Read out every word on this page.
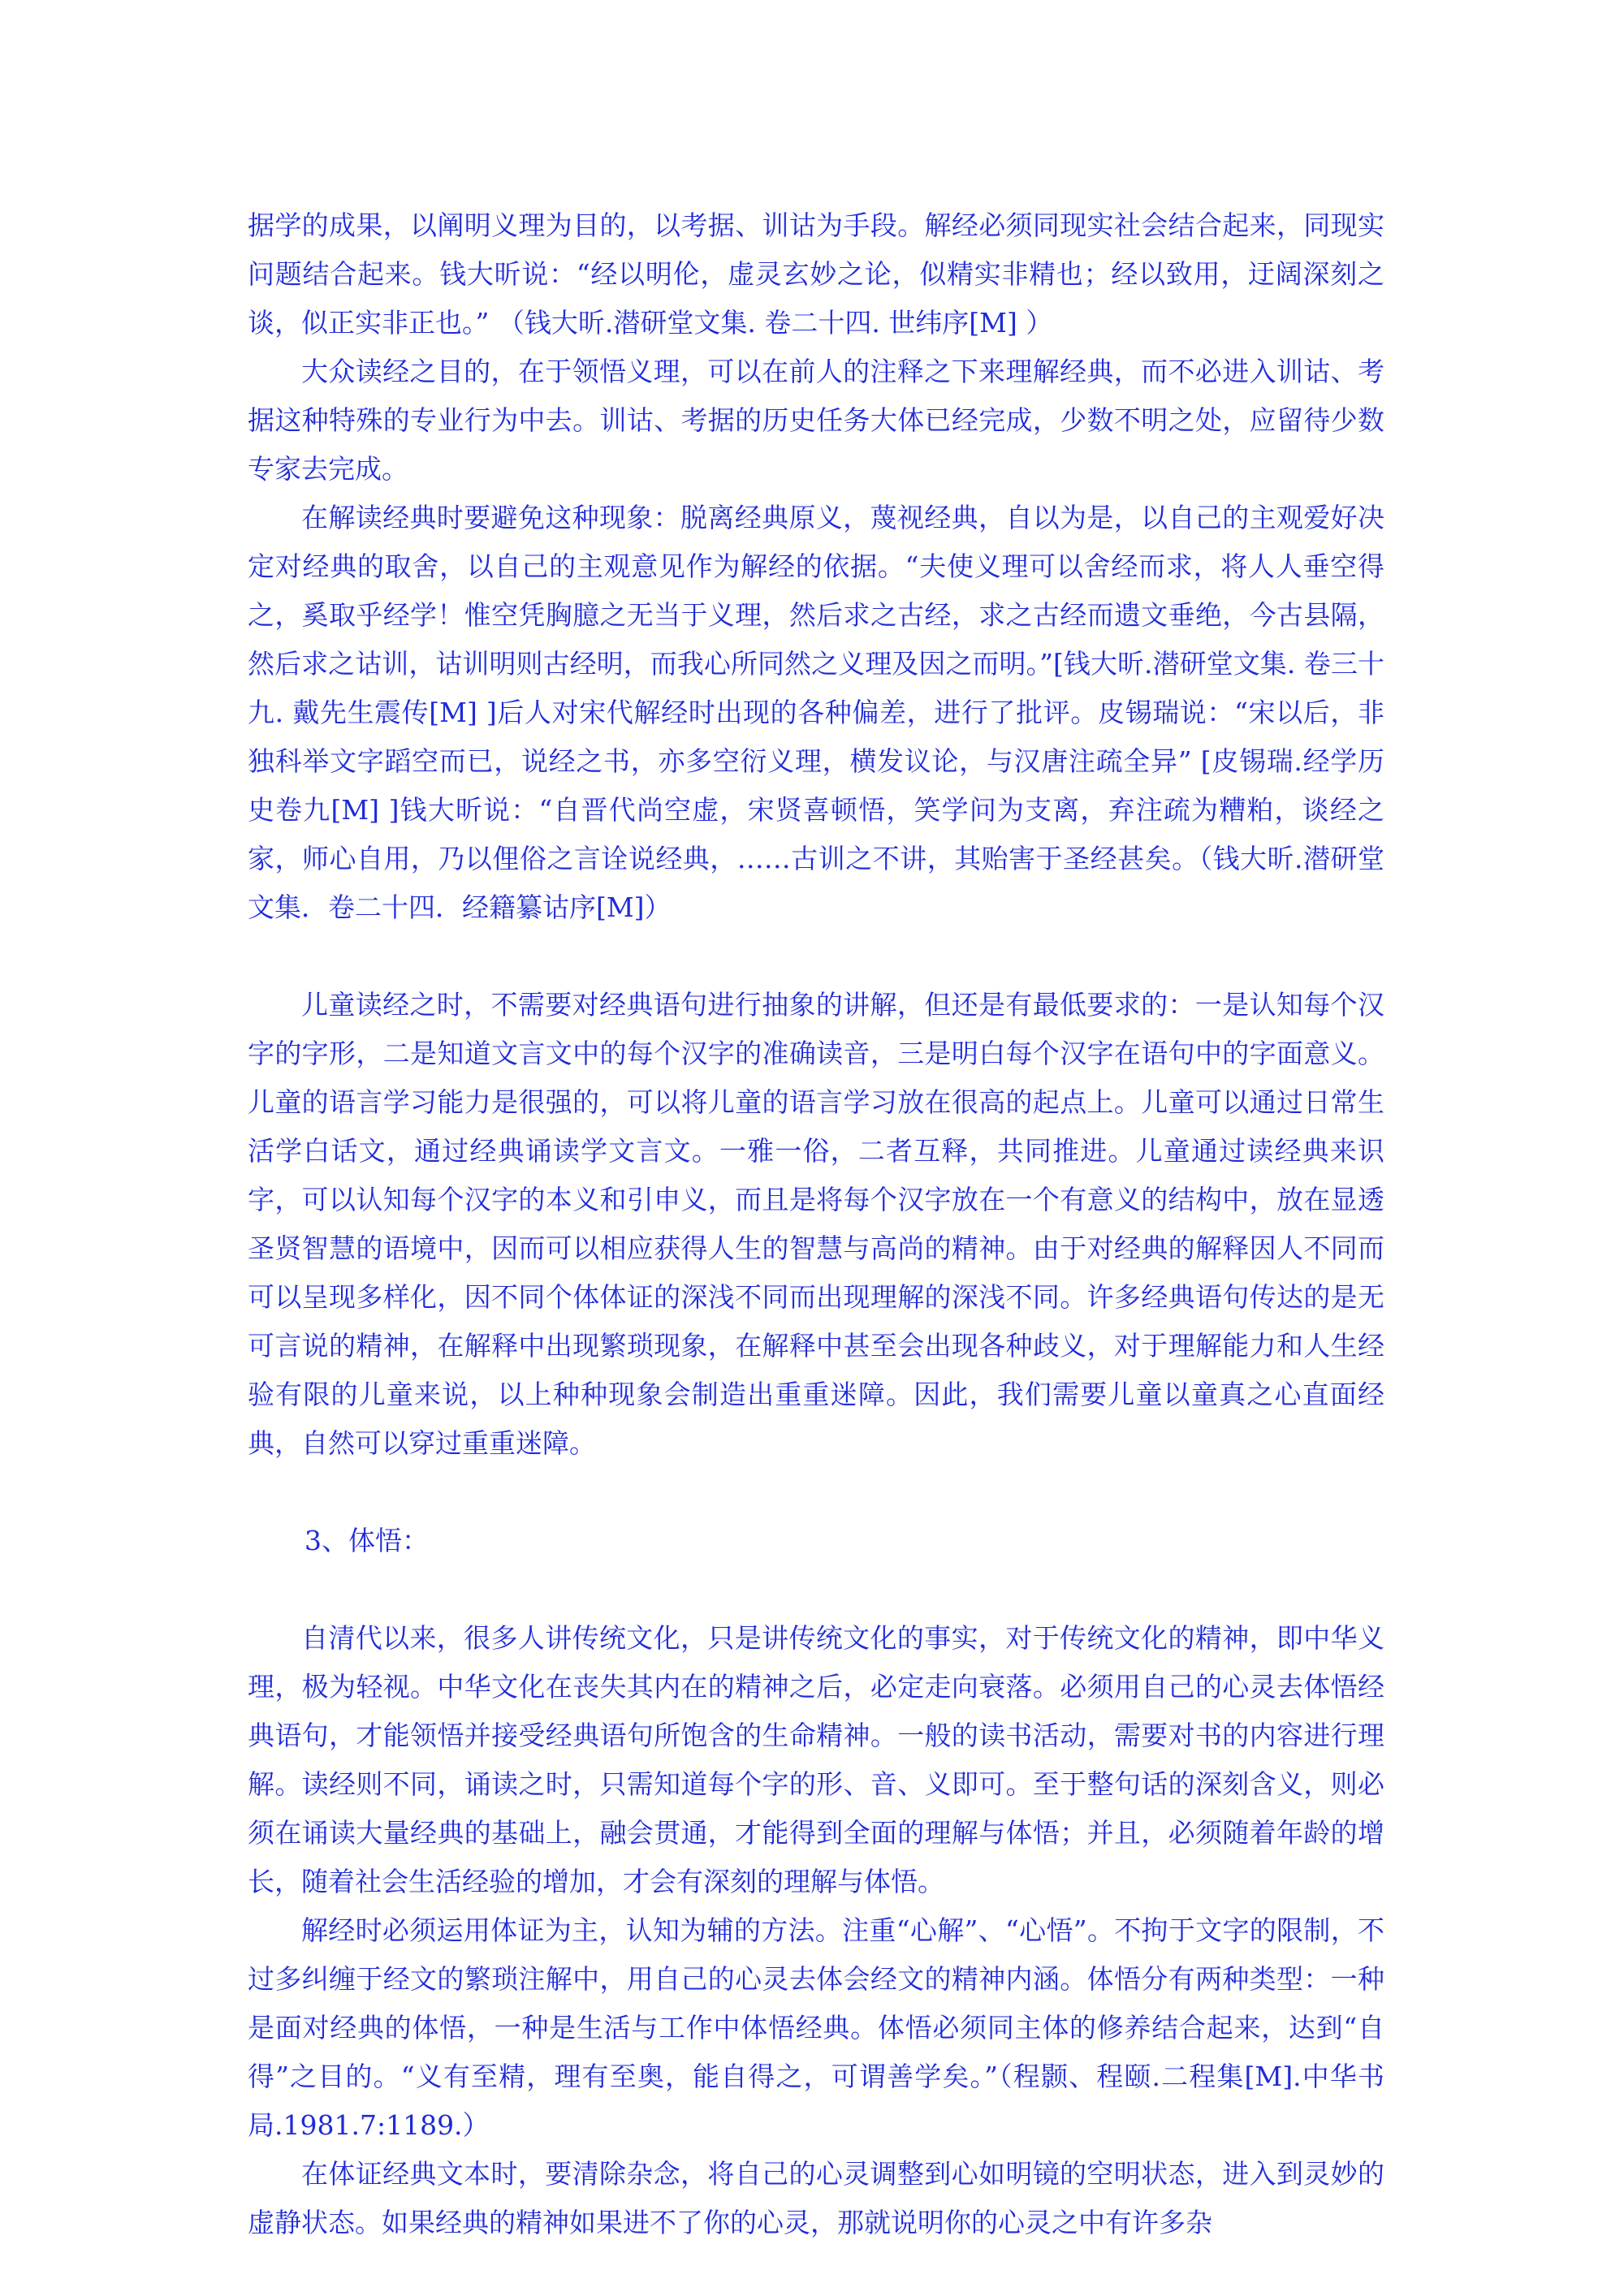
据学的成果，以阐明义理为目的，以考据、训诂为手段。解经必须同现实社会结合起来，同现实问题结合起来。钱大昕说：“经以明伦，虚灵玄妙之论，似精实非精也；经以致用，迂阔深刻之谈，似正实非正也。” （钱大昕.潜研堂文集. 卷二十四. 世纬序[M] ）

大众读经之目的，在于领悟义理，可以在前人的注释之下来理解经典，而不必进入训诂、考据这种特殊的专业行为中去。训诂、考据的历史任务大体已经完成，少数不明之处，应留待少数专家去完成。

在解读经典时要避免这种现象：脱离经典原义，蔑视经典，自以为是，以自己的主观爱好决定对经典的取舍，以自己的主观意见作为解经的依据。“夫使义理可以舍经而求，将人人垂空得之，奚取乎经学！惟空凭胸臆之无当于义理，然后求之古经，求之古经而遗文垂绝，今古县隔，然后求之诂训，诂训明则古经明，而我心所同然之义理及因之而明。”[钱大昕.潜研堂文集. 卷三十九. 戴先生震传[M] ]后人对宋代解经时出现的各种偏差，进行了批评。皮锡瑞说：“宋以后，非独科举文字蹈空而已，说经之书，亦多空衍义理，横发议论，与汉唐注疏全异” [皮锡瑞.经学历史卷九[M] ]钱大昕说：“自晋代尚空虚，宋贤喜顿悟，笑学问为支离，弃注疏为糟粕，谈经之家，师心自用，乃以俚俗之言诠说经典，……古训之不讲，其贻害于圣经甚矣。（钱大昕.潜研堂文集．卷二十四．经籍纂诂序[M]）

儿童读经之时，不需要对经典语句进行抽象的讲解，但还是有最低要求的：一是认知每个汉字的字形，二是知道文言文中的每个汉字的准确读音，三是明白每个汉字在语句中的字面意义。儿童的语言学习能力是很强的，可以将儿童的语言学习放在很高的起点上。儿童可以通过日常生活学白话文，通过经典诵读学文言文。一雅一俗，二者互释，共同推进。儿童通过读经典来识字，可以认知每个汉字的本义和引申义，而且是将每个汉字放在一个有意义的结构中，放在显透圣贤智慧的语境中，因而可以相应获得人生的智慧与高尚的精神。由于对经典的解释因人不同而可以呈现多样化，因不同个体体证的深浅不同而出现理解的深浅不同。许多经典语句传达的是无可言说的精神，在解释中出现繁琐现象，在解释中甚至会出现各种歧义，对于理解能力和人生经验有限的儿童来说，以上种种现象会制造出重重迷障。因此，我们需要儿童以童真之心直面经典，自然可以穿过重重迷障。

3、体悟：

自清代以来，很多人讲传统文化，只是讲传统文化的事实，对于传统文化的精神，即中华义理，极为轻视。中华文化在丧失其内在的精神之后，必定走向衰落。必须用自己的心灵去体悟经典语句，才能领悟并接受经典语句所饱含的生命精神。一般的读书活动，需要对书的内容进行理解。读经则不同，诵读之时，只需知道每个字的形、音、义即可。至于整句话的深刻含义，则必须在诵读大量经典的基础上，融会贯通，才能得到全面的理解与体悟；并且，必须随着年龄的增长，随着社会生活经验的增加，才会有深刻的理解与体悟。

解经时必须运用体证为主，认知为辅的方法。注重“心解”、“心悟”。不拘于文字的限制，不过多纠缠于经文的繁琐注解中，用自己的心灵去体会经文的精神内涵。体悟分有两种类型：一种是面对经典的体悟，一种是生活与工作中体悟经典。体悟必须同主体的修养结合起来，达到“自得”之目的。“义有至精，理有至奥，能自得之，可谓善学矣。”（程颢、程颐.二程集[M].中华书局.1981.7:1189.）

在体证经典文本时，要清除杂念，将自己的心灵调整到心如明镜的空明状态，进入到灵妙的虚静状态。如果经典的精神如果进不了你的心灵，那就说明你的心灵之中有许多杂
